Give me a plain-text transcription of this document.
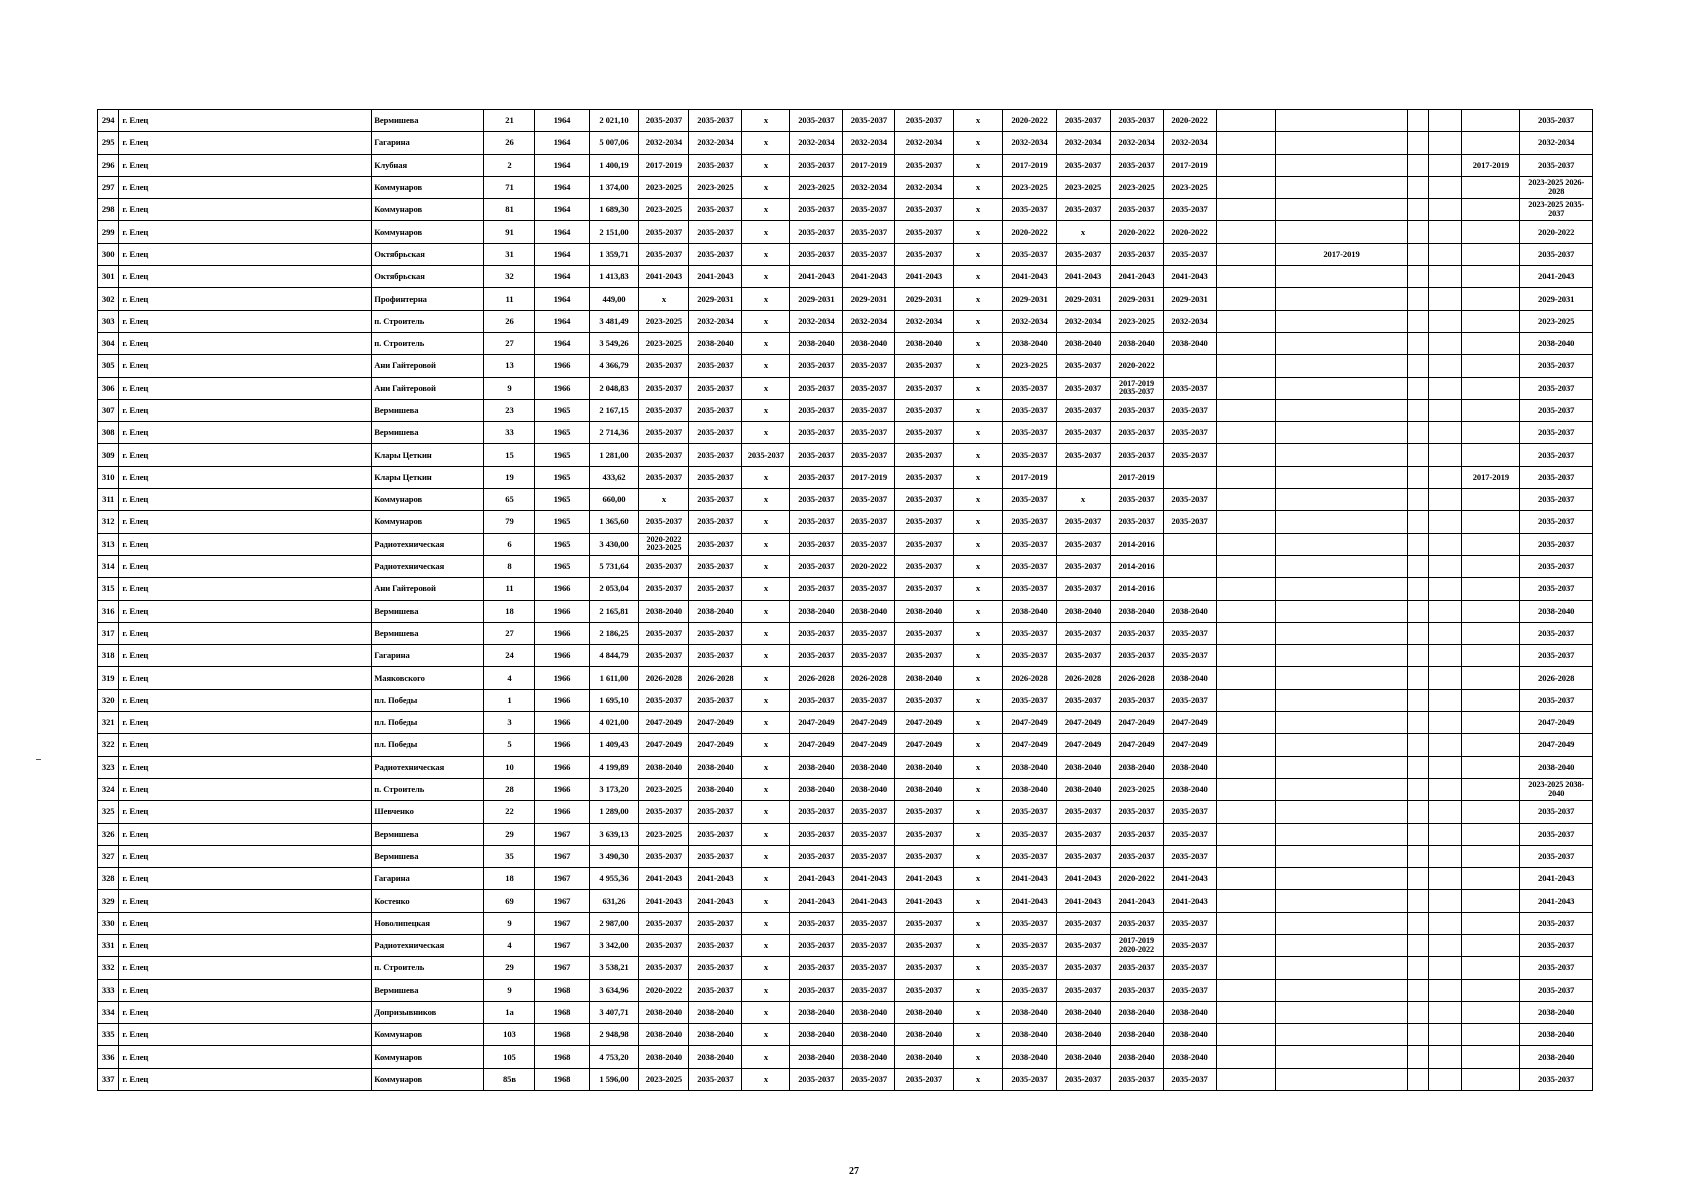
294	г. Елец	Вермишева	21	1964	2 021,10	2035-2037	2035-2037	х	2035-2037	2035-2037	2035-2037	х	2020-2022	2035-2037	2035-2037	2020-2022						2035-2037
295	г. Елец	Гагарина	26	1964	5 007,06	2032-2034	2032-2034	х	2032-2034	2032-2034	2032-2034	х	2032-2034	2032-2034	2032-2034	2032-2034						2032-2034
296	г. Елец	Клубная	2	1964	1 400,19	2017-2019	2035-2037	х	2035-2037	2017-2019	2035-2037	х	2017-2019	2035-2037	2035-2037	2017-2019					2017-2019	2035-2037
297	г. Елец	Коммунаров	71	1964	1 374,00	2023-2025	2023-2025	х	2023-2025	2032-2034	2032-2034	х	2023-2025	2023-2025	2023-2025	2023-2025						2023-2025 2026-2028
298	г. Елец	Коммунаров	81	1964	1 689,30	2023-2025	2035-2037	х	2035-2037	2035-2037	2035-2037	х	2035-2037	2035-2037	2035-2037	2035-2037						2023-2025 2035-2037
299	г. Елец	Коммунаров	91	1964	2 151,00	2035-2037	2035-2037	х	2035-2037	2035-2037	2035-2037	х	2020-2022	х	2020-2022	2020-2022						2020-2022
300	г. Елец	Октябрьская	31	1964	1 359,71	2035-2037	2035-2037	х	2035-2037	2035-2037	2035-2037	х	2035-2037	2035-2037	2035-2037	2035-2037		2017-2019				2035-2037
301	г. Елец	Октябрьская	32	1964	1 413,83	2041-2043	2041-2043	х	2041-2043	2041-2043	2041-2043	х	2041-2043	2041-2043	2041-2043	2041-2043						2041-2043
302	г. Елец	Профинтерна	11	1964	449,00	х	2029-2031	х	2029-2031	2029-2031	2029-2031	х	2029-2031	2029-2031	2029-2031	2029-2031						2029-2031
303	г. Елец	п. Строитель	26	1964	3 481,49	2023-2025	2032-2034	х	2032-2034	2032-2034	2032-2034	х	2032-2034	2032-2034	2023-2025	2032-2034						2023-2025
304	г. Елец	п. Строитель	27	1964	3 549,26	2023-2025	2038-2040	х	2038-2040	2038-2040	2038-2040	х	2038-2040	2038-2040	2038-2040	2038-2040						2038-2040
305	г. Елец	Ани Гайтеровой	13	1966	4 366,79	2035-2037	2035-2037	х	2035-2037	2035-2037	2035-2037	х	2023-2025	2035-2037	2020-2022							2035-2037
306	г. Елец	Ани Гайтеровой	9	1966	2 048,83	2035-2037	2035-2037	х	2035-2037	2035-2037	2035-2037	х	2035-2037	2035-2037	2017-2019 2035-2037	2035-2037						2035-2037
307	г. Елец	Вермишева	23	1965	2 167,15	2035-2037	2035-2037	х	2035-2037	2035-2037	2035-2037	х	2035-2037	2035-2037	2035-2037	2035-2037						2035-2037
308	г. Елец	Вермишева	33	1965	2 714,36	2035-2037	2035-2037	х	2035-2037	2035-2037	2035-2037	х	2035-2037	2035-2037	2035-2037	2035-2037						2035-2037
309	г. Елец	Клары Цеткин	15	1965	1 281,00	2035-2037	2035-2037	2035-2037	2035-2037	2035-2037	2035-2037	х	2035-2037	2035-2037	2035-2037	2035-2037						2035-2037
310	г. Елец	Клары Цеткин	19	1965	433,62	2035-2037	2035-2037	х	2035-2037	2017-2019	2035-2037	х	2017-2019		2017-2019						2017-2019	2035-2037
311	г. Елец	Коммунаров	65	1965	660,00	х	2035-2037	х	2035-2037	2035-2037	2035-2037	х	2035-2037	х	2035-2037	2035-2037						2035-2037
312	г. Елец	Коммунаров	79	1965	1 365,60	2035-2037	2035-2037	х	2035-2037	2035-2037	2035-2037	х	2035-2037	2035-2037	2035-2037	2035-2037						2035-2037
313	г. Елец	Радиотехническая	6	1965	3 430,00	2020-2022 2023-2025	2035-2037	х	2035-2037	2035-2037	2035-2037	х	2035-2037	2035-2037	2014-2016							2035-2037
314	г. Елец	Радиотехническая	8	1965	5 731,64	2035-2037	2035-2037	х	2035-2037	2020-2022	2035-2037	х	2035-2037	2035-2037	2014-2016							2035-2037
315	г. Елец	Ани Гайтеровой	11	1966	2 053,04	2035-2037	2035-2037	х	2035-2037	2035-2037	2035-2037	х	2035-2037	2035-2037	2014-2016							2035-2037
316	г. Елец	Вермишева	18	1966	2 165,81	2038-2040	2038-2040	х	2038-2040	2038-2040	2038-2040	х	2038-2040	2038-2040	2038-2040	2038-2040						2038-2040
317	г. Елец	Вермишева	27	1966	2 186,25	2035-2037	2035-2037	х	2035-2037	2035-2037	2035-2037	х	2035-2037	2035-2037	2035-2037	2035-2037						2035-2037
318	г. Елец	Гагарина	24	1966	4 844,79	2035-2037	2035-2037	х	2035-2037	2035-2037	2035-2037	х	2035-2037	2035-2037	2035-2037	2035-2037						2035-2037
319	г. Елец	Маяковского	4	1966	1 611,00	2026-2028	2026-2028	х	2026-2028	2026-2028	2038-2040	х	2026-2028	2026-2028	2026-2028	2038-2040						2026-2028
320	г. Елец	пл. Победы	1	1966	1 695,10	2035-2037	2035-2037	х	2035-2037	2035-2037	2035-2037	х	2035-2037	2035-2037	2035-2037	2035-2037						2035-2037
321	г. Елец	пл. Победы	3	1966	4 021,00	2047-2049	2047-2049	х	2047-2049	2047-2049	2047-2049	х	2047-2049	2047-2049	2047-2049	2047-2049						2047-2049
322	г. Елец	пл. Победы	5	1966	1 409,43	2047-2049	2047-2049	х	2047-2049	2047-2049	2047-2049	х	2047-2049	2047-2049	2047-2049	2047-2049						2047-2049
323	г. Елец	Радиотехническая	10	1966	4 199,89	2038-2040	2038-2040	х	2038-2040	2038-2040	2038-2040	х	2038-2040	2038-2040	2038-2040	2038-2040						2038-2040
324	г. Елец	п. Строитель	28	1966	3 173,20	2023-2025	2038-2040	х	2038-2040	2038-2040	2038-2040	х	2038-2040	2038-2040	2023-2025	2038-2040						2023-2025 2038-2040
325	г. Елец	Шевченко	22	1966	1 289,00	2035-2037	2035-2037	х	2035-2037	2035-2037	2035-2037	х	2035-2037	2035-2037	2035-2037	2035-2037						2035-2037
326	г. Елец	Вермишева	29	1967	3 639,13	2023-2025	2035-2037	х	2035-2037	2035-2037	2035-2037	х	2035-2037	2035-2037	2035-2037	2035-2037						2035-2037
327	г. Елец	Вермишева	35	1967	3 490,30	2035-2037	2035-2037	х	2035-2037	2035-2037	2035-2037	х	2035-2037	2035-2037	2035-2037	2035-2037						2035-2037
328	г. Елец	Гагарина	18	1967	4 955,36	2041-2043	2041-2043	х	2041-2043	2041-2043	2041-2043	х	2041-2043	2041-2043	2020-2022	2041-2043						2041-2043
329	г. Елец	Костенко	69	1967	631,26	2041-2043	2041-2043	х	2041-2043	2041-2043	2041-2043	х	2041-2043	2041-2043	2041-2043	2041-2043						2041-2043
330	г. Елец	Новолипецкая	9	1967	2 987,00	2035-2037	2035-2037	х	2035-2037	2035-2037	2035-2037	х	2035-2037	2035-2037	2035-2037	2035-2037						2035-2037
331	г. Елец	Радиотехническая	4	1967	3 342,00	2035-2037	2035-2037	х	2035-2037	2035-2037	2035-2037	х	2035-2037	2035-2037	2017-2019 2020-2022	2035-2037						2035-2037
332	г. Елец	п. Строитель	29	1967	3 538,21	2035-2037	2035-2037	х	2035-2037	2035-2037	2035-2037	х	2035-2037	2035-2037	2035-2037	2035-2037						2035-2037
333	г. Елец	Вермишева	9	1968	3 634,96	2020-2022	2035-2037	х	2035-2037	2035-2037	2035-2037	х	2035-2037	2035-2037	2035-2037	2035-2037						2035-2037
334	г. Елец	Допризывников	1а	1968	3 407,71	2038-2040	2038-2040	х	2038-2040	2038-2040	2038-2040	х	2038-2040	2038-2040	2038-2040	2038-2040						2038-2040
335	г. Елец	Коммунаров	103	1968	2 948,98	2038-2040	2038-2040	х	2038-2040	2038-2040	2038-2040	х	2038-2040	2038-2040	2038-2040	2038-2040						2038-2040
336	г. Елец	Коммунаров	105	1968	4 753,20	2038-2040	2038-2040	х	2038-2040	2038-2040	2038-2040	х	2038-2040	2038-2040	2038-2040	2038-2040						2038-2040
337	г. Елец	Коммунаров	85в	1968	1 596,00	2023-2025	2035-2037	х	2035-2037	2035-2037	2035-2037	х	2035-2037	2035-2037	2035-2037	2035-2037						2035-2037
27
